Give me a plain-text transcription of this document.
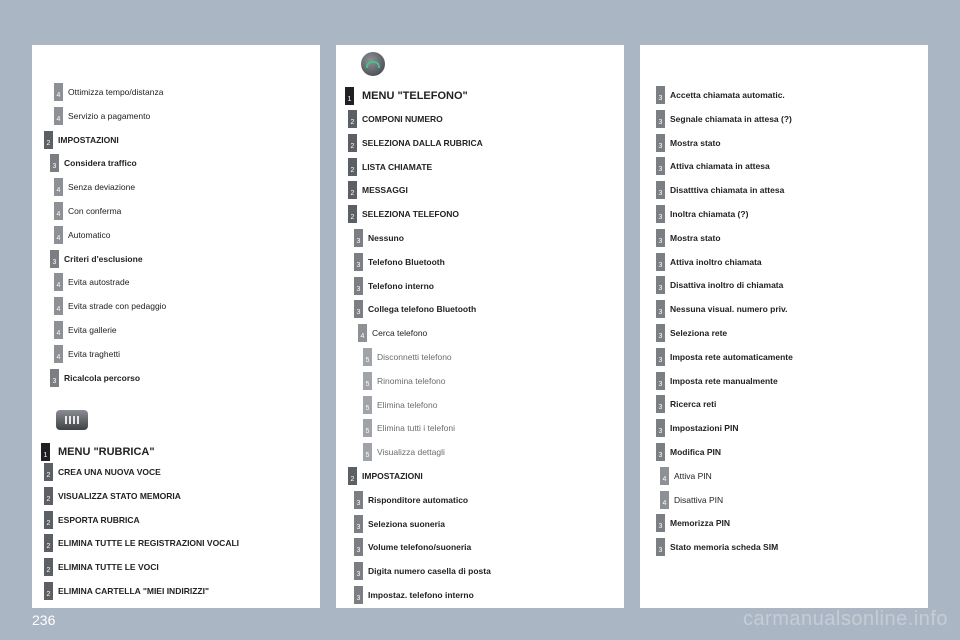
4 Ottimizza tempo/distanza
4 Servizio a pagamento
2 IMPOSTAZIONI
3 Considera traffico
4 Senza deviazione
4 Con conferma
4 Automatico
3 Criteri d'esclusione
4 Evita autostrade
4 Evita strade con pedaggio
4 Evita gallerie
4 Evita traghetti
3 Ricalcola percorso
1 MENU "RUBRICA"
2 CREA UNA NUOVA VOCE
2 VISUALIZZA STATO MEMORIA
2 ESPORTA RUBRICA
2 ELIMINA TUTTE LE REGISTRAZIONI VOCALI
2 ELIMINA TUTTE LE VOCI
2 ELIMINA CARTELLA "MIEI INDIRIZZI"
1 MENU "TELEFONO"
2 COMPONI NUMERO
2 SELEZIONA DALLA RUBRICA
2 LISTA CHIAMATE
2 MESSAGGI
2 SELEZIONA TELEFONO
3 Nessuno
3 Telefono Bluetooth
3 Telefono interno
3 Collega telefono Bluetooth
4 Cerca telefono
5 Disconnetti telefono
5 Rinomina telefono
5 Elimina telefono
5 Elimina tutti i telefoni
5 Visualizza dettagli
2 IMPOSTAZIONI
3 Risponditore automatico
3 Seleziona suoneria
3 Volume telefono/suoneria
3 Digita numero casella di posta
3 Impostaz. telefono interno
3 Accetta chiamata automatic.
3 Segnale chiamata in attesa (?)
3 Mostra stato
3 Attiva chiamata in attesa
3 Disatttiva chiamata in attesa
3 Inoltra chiamata (?)
3 Mostra stato
3 Attiva inoltro chiamata
3 Disattiva inoltro di chiamata
3 Nessuna visual. numero priv.
3 Seleziona rete
3 Imposta rete automaticamente
3 Imposta rete manualmente
3 Ricerca reti
3 Impostazioni PIN
3 Modifica PIN
4 Attiva PIN
4 Disattiva PIN
3 Memorizza PIN
3 Stato memoria scheda SIM
236	carmanualsonline.info
